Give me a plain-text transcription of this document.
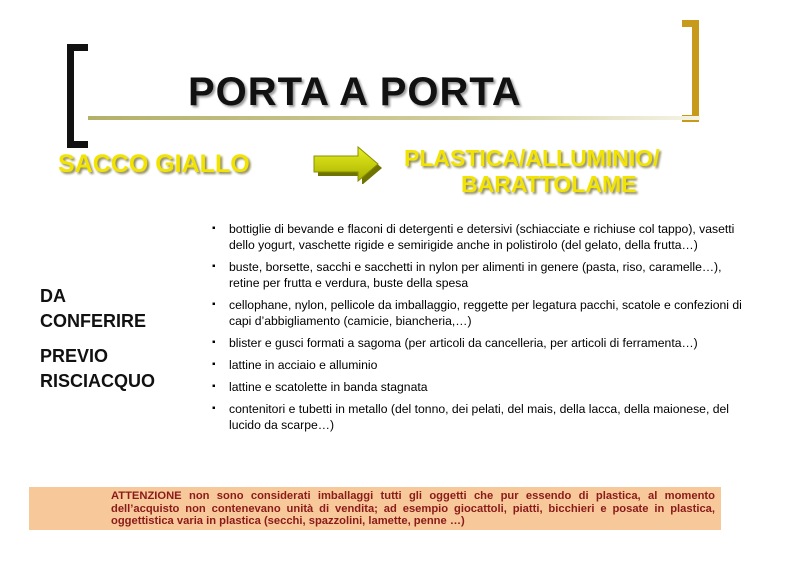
PORTA A PORTA
SACCO GIALLO	PLASTICA/ALLUMINIO/
BARATTOLAME
DA
CONFERIRE
PREVIO
RISCIACQUO
▪ bottiglie di bevande e flaconi di detergenti e detersivi (schiacciate e richiuse col tappo), vasetti dello yogurt, vaschette rigide e semirigide anche in polistirolo (del gelato, della frutta…)
▪ buste, borsette, sacchi e sacchetti in nylon per alimenti in genere (pasta, riso, caramelle…), retine per frutta e verdura, buste della spesa
▪ cellophane, nylon, pellicole da imballaggio, reggette per legatura pacchi, scatole e confezioni di capi d’abbigliamento (camicie, biancheria,…)
▪ blister e gusci formati a sagoma (per articoli da cancelleria, per articoli di ferramenta…)
▪ lattine in acciaio e alluminio
▪ lattine e scatolette in banda stagnata
▪ contenitori e tubetti in metallo (del tonno, dei pelati, del mais, della lacca, della maionese, del lucido da scarpe…)
ATTENZIONE non sono considerati imballaggi tutti gli oggetti che pur essendo di plastica, al momento dell’acquisto non contenevano unità di vendita; ad esempio giocattoli, piatti, bicchieri e posate in plastica, oggettistica varia in plastica (secchi, spazzolini, lamette, penne …)
